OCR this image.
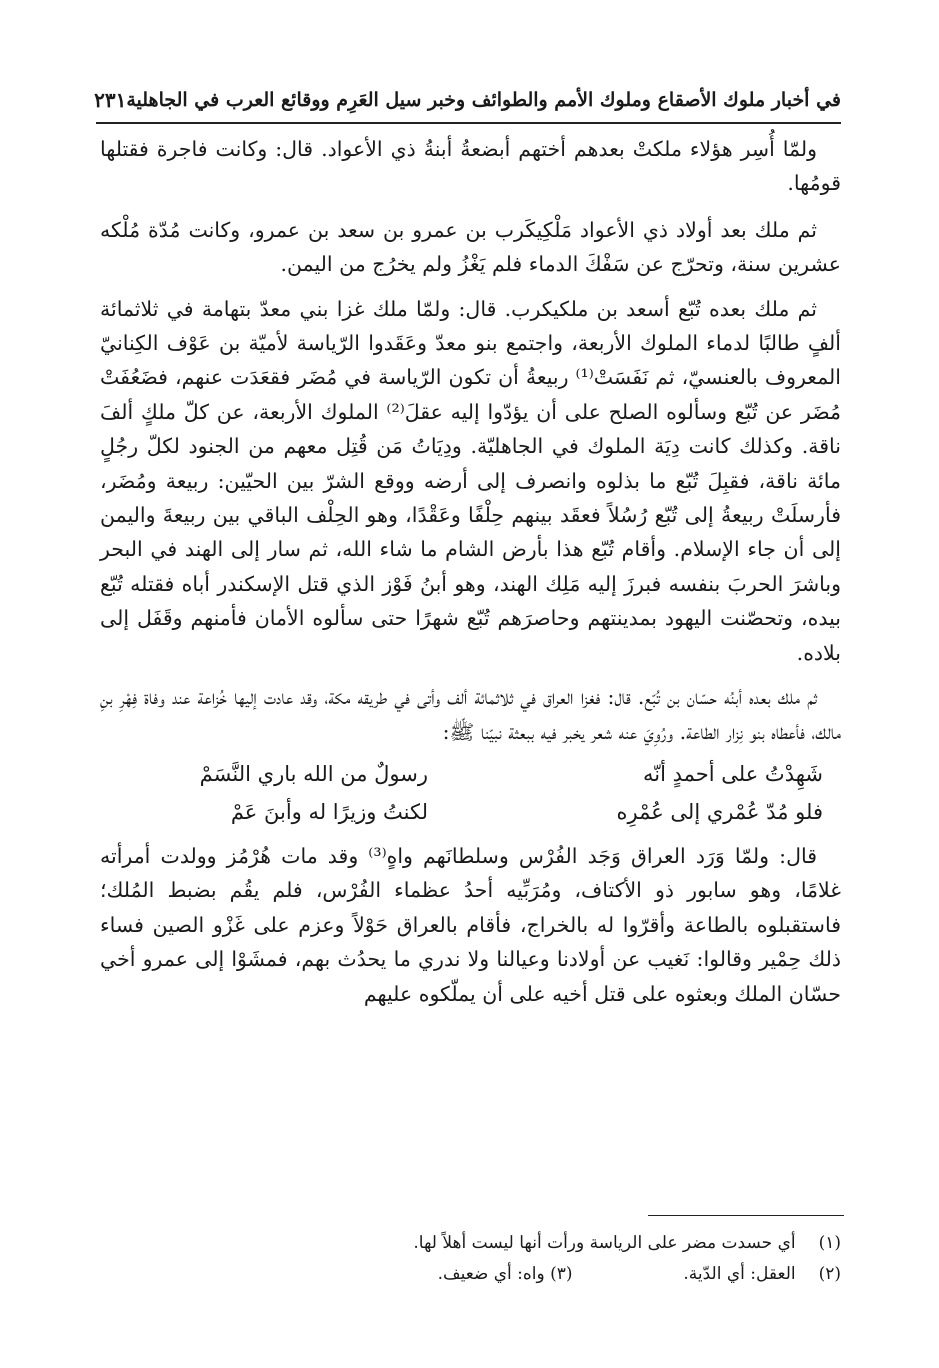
في أخبار ملوك الأصقاع وملوك الأمم والطوائف وخبر سيل العَرِم ووقائع العرب في الجاهلية
٢٣١

ولمّا أُسِر هؤلاء ملكتْ بعدهم أختهم أبضعةُ أبنةُ ذي الأعواد. قال: وكانت فاجرة فقتلها قومُها.

ثم ملك بعد أولاد ذي الأعواد مَلْكِيكَرب بن عمرو بن سعد بن عمرو، وكانت مُدّة مُلْكه عشرين سنة، وتحرّج عن سَفْكَ الدماء فلم يَغْزُ ولم يخرُج من اليمن.

ثم ملك بعده تُبّع أسعد بن ملكيكرب. قال: ولمّا ملك غزا بني معدّ بتهامة في ثلاثمائة ألفٍ طالبًا لدماء الملوك الأربعة، واجتمع بنو معدّ وعَقَدوا الرّياسة لأميّة بن عَوْف الكِنانيّ المعروف بالعنسيّ، ثم نَفَسَتْ⁽¹⁾ ربيعةُ أن تكون الرّياسة في مُضَر فقعَدَت عنهم، فضَعُفَتْ مُضَر عن تُبّع وسألوه الصلح على أن يؤدّوا إليه عقلَ⁽²⁾ الملوك الأربعة، عن كلّ ملكٍ ألفَ ناقة. وكذلك كانت دِيَة الملوك في الجاهليّة. ودِيَاتُ مَن قُتِل معهم من الجنود لكلّ رجُلٍ مائة ناقة، فقبِلَ تُبّع ما بذلوه وانصرف إلى أرضه ووقع الشرّ بين الحيّين: ربيعة ومُضَر، فأرسلَتْ ربيعةُ إلى تُبّع رُسُلاً فعقَد بينهم حِلْفًا وعَقْدًا، وهو الحِلْف الباقي بين ربيعةَ واليمن إلى أن جاء الإسلام. وأقام تُبّع هذا بأرض الشام ما شاء الله، ثم سار إلى الهند في البحر وباشرَ الحربَ بنفسه فبرزَ إليه مَلِك الهند، وهو أبنُ فَوْز الذي قتل الإسكندر أباه فقتله تُبّع بيده، وتحصّنت اليهود بمدينتهم وحاصرَهم تُبّع شهرًا حتى سألوه الأمان فأمنهم وقَفَل إلى بلاده.

ثم ملك بعده أبنُه حسّان بن تُبّع. قال: فغزا العراق في ثلاثمائة ألف وأتى في طريقه مكة، وقد عادت إليها خُزاعة عند وفاة فِهْرِ بنِ مالك، فأعطاه بنو نِزار الطاعة. ورُوِيَ عنه شعر يخبر فيه ببعثة نبيّنا ﷺ:

شَهِدْتُ على أحمدٍ أنّه
رسولٌ من الله باري النَّسَمْ
فلو مُدّ عُمْري إلى عُمْرِه
لكنتُ وزيرًا له وأبنَ عَمْ

قال: ولمّا وَرَد العراق وَجَد الفُرْس وسلطانَهم واهٍ⁽³⁾ وقد مات هُرْمُز وولدت أمرأته غلامًا، وهو سابور ذو الأكتاف، ومُرَبِّيه أحدُ عظماء الفُرْس، فلم يقُم بضبط المُلك؛ فاستقبلوه بالطاعة وأقرّوا له بالخراج، فأقام بالعراق حَوْلاً وعزم على غَزْو الصين فساء ذلك حِمْير وقالوا: نَغيب عن أولادنا وعيالنا ولا ندري ما يحدُث بهم، فمشَوْا إلى عمرو أخي حسّان الملك وبعثوه على قتل أخيه على أن يملّكوه عليهم

(١) أي حسدت مضر على الرياسة ورأت أنها ليست أهلاً لها.
(٢) العقل: أي الدّية.  (٣) واه: أي ضعيف.
